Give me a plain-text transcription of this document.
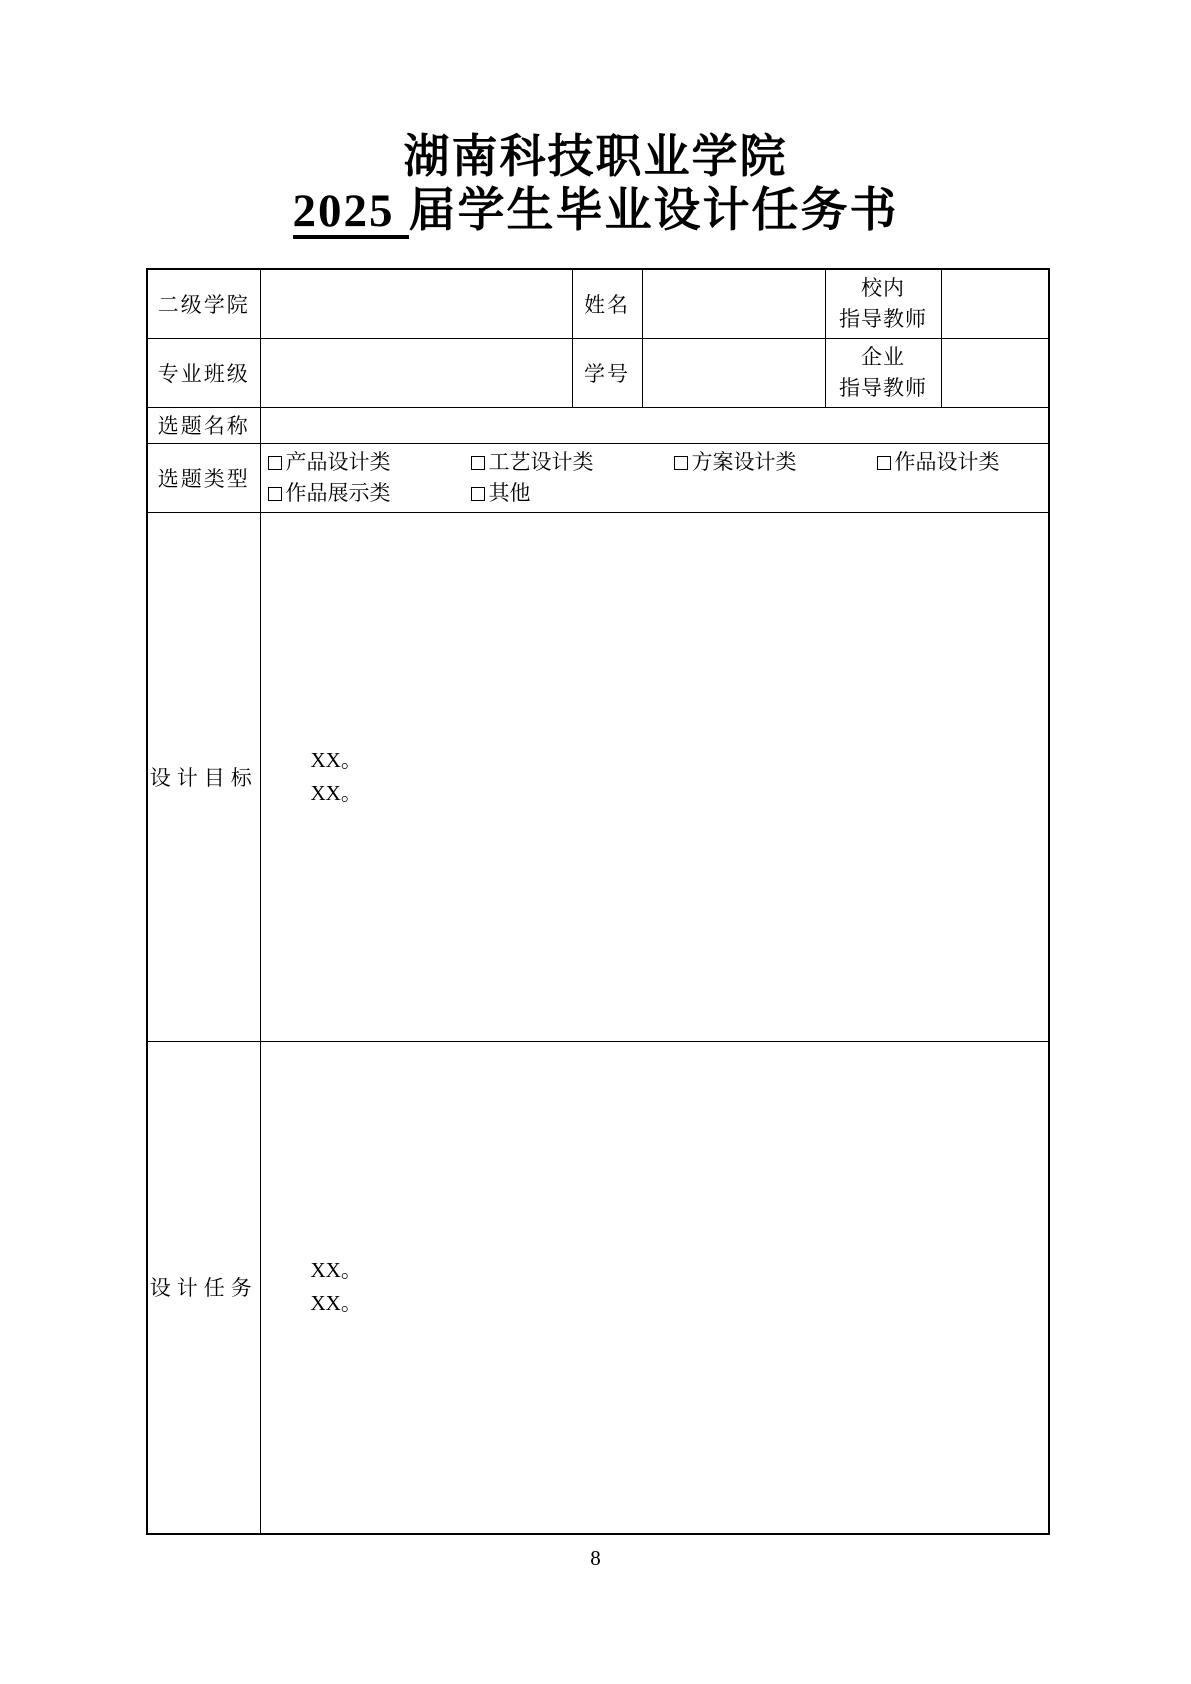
湖南科技职业学院
2025 届学生毕业设计任务书
二级学院		姓名		校内
指导教师	

专业班级		学号		企业
指导教师	

选题名称					
选题类型	产品设计类 工艺设计类 方案设计类 作品设计类
作品展示类 其他				

设计目标	XX。
XX。				

设计任务	XX。
XX。				
8
